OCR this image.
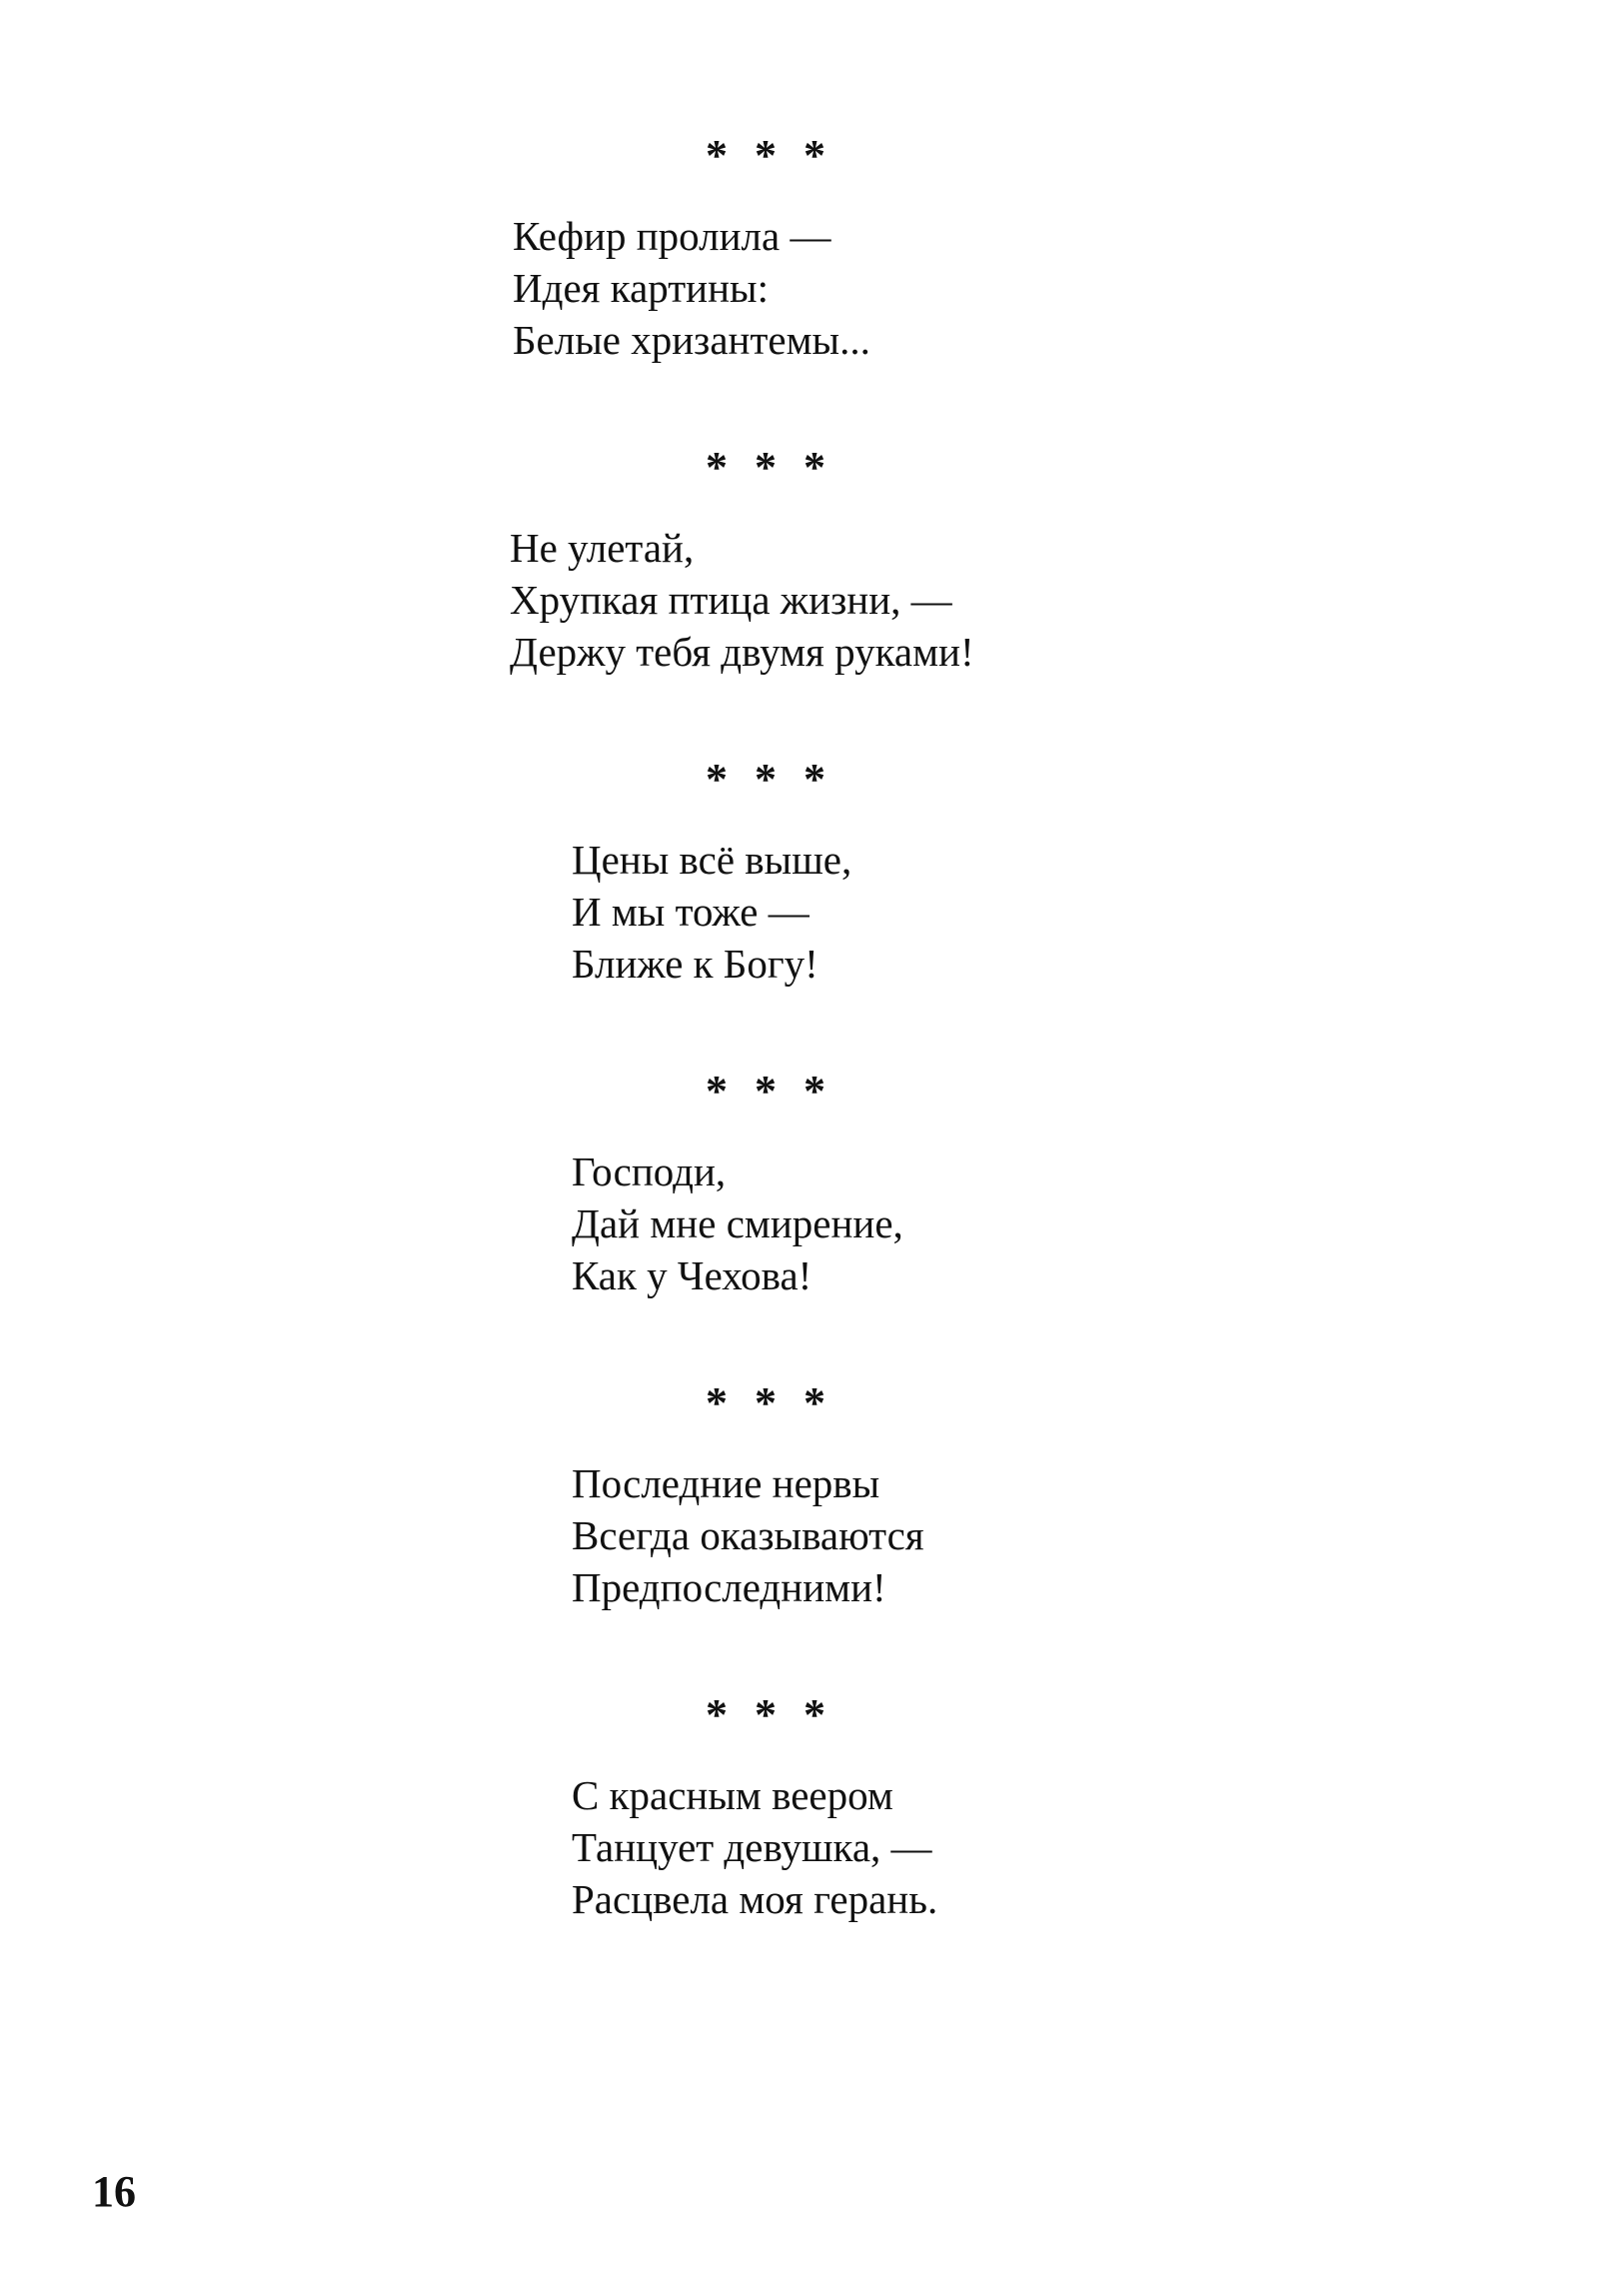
* * *
Кефир пролила —
Идея картины:
Белые хризантемы...
* * *
Не улетай,
Хрупкая птица жизни, —
Держу тебя двумя руками!
* * *
Цены всё выше,
И мы тоже —
Ближе к Богу!
* * *
Господи,
Дай мне смирение,
Как у Чехова!
* * *
Последние нервы
Всегда оказываются
Предпоследними!
* * *
С красным веером
Танцует девушка, —
Расцвела моя герань.
16
